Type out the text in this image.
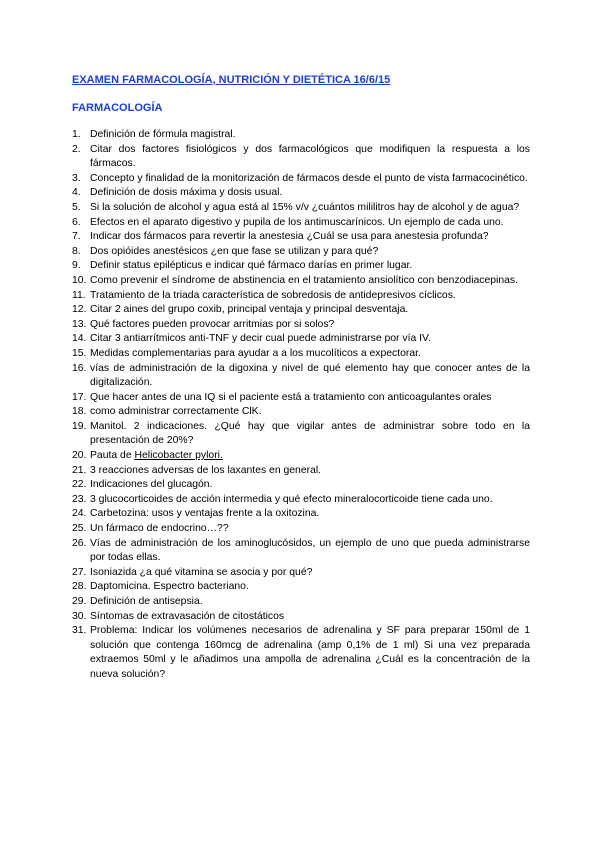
EXAMEN FARMACOLOGÍA, NUTRICIÓN Y DIETÉTICA 16/6/15
FARMACOLOGÍA
1. Definición de fórmula magistral.
2. Citar dos factores fisiológicos y dos farmacológicos que modifiquen la respuesta a los fármacos.
3. Concepto y finalidad de la monitorización de fármacos desde el punto de vista farmacocinético.
4. Definición de dosis máxima y dosis usual.
5. Si la solución de alcohol y agua está al 15% v/v ¿cuántos mililitros hay de alcohol y de agua?
6. Efectos en el aparato digestivo y pupila de los antimuscarínicos. Un ejemplo de cada uno.
7. Indicar dos fármacos para revertir la anestesia ¿Cuál se usa para anestesia profunda?
8. Dos opióides anestésicos ¿en que fase se utilizan y para qué?
9. Definir status epilépticus e indicar qué fármaco darías en primer lugar.
10. Como prevenir el síndrome de abstinencia en el tratamiento ansiolítico con benzodiacepinas.
11. Tratamiento de la triada característica de sobredosis de antidepresivos cíclicos.
12. Citar 2 aines del grupo coxib, principal ventaja y principal desventaja.
13. Qué factores pueden provocar arritmias por si solos?
14. Citar 3 antiarrítmicos anti-TNF y decir cual puede administrarse por vía IV.
15. Medidas complementarias para ayudar a a los mucolíticos a expectorar.
16. vías de administración de la digoxina y nivel de qué elemento hay que conocer antes de la digitalización.
17. Que hacer antes de una IQ si el paciente está a tratamiento con anticoagulantes orales
18. como administrar correctamente ClK.
19. Manitol. 2 indicaciones. ¿Qué hay que vigilar antes de administrar sobre todo en la presentación de 20%?
20. Pauta de Helicobacter pylori.
21. 3 reacciones adversas de los laxantes en general.
22. Indicaciones del glucagón.
23. 3 glucocorticoides de acción intermedia y qué efecto mineralocorticoide tiene cada uno.
24. Carbetozina: usos y ventajas frente a la oxitozina.
25. Un fármaco de endocrino…??
26. Vías de administración de los aminoglucósidos, un ejemplo de uno que pueda administrarse por todas ellas.
27. Isoniazida ¿a qué vitamina se asocia y por qué?
28. Daptomicina. Espectro bacteriano.
29. Definición de antisepsia.
30. Síntomas de extravasación de citostáticos
31. Problema: Indicar los volúmenes necesarios de adrenalina y SF para preparar 150ml de 1 solución que contenga 160mcg de adrenalina (amp 0,1% de 1 ml) Si una vez preparada extraemos 50ml y le añadimos una ampolla de adrenalina ¿Cuál es la concentración de la nueva solución?
